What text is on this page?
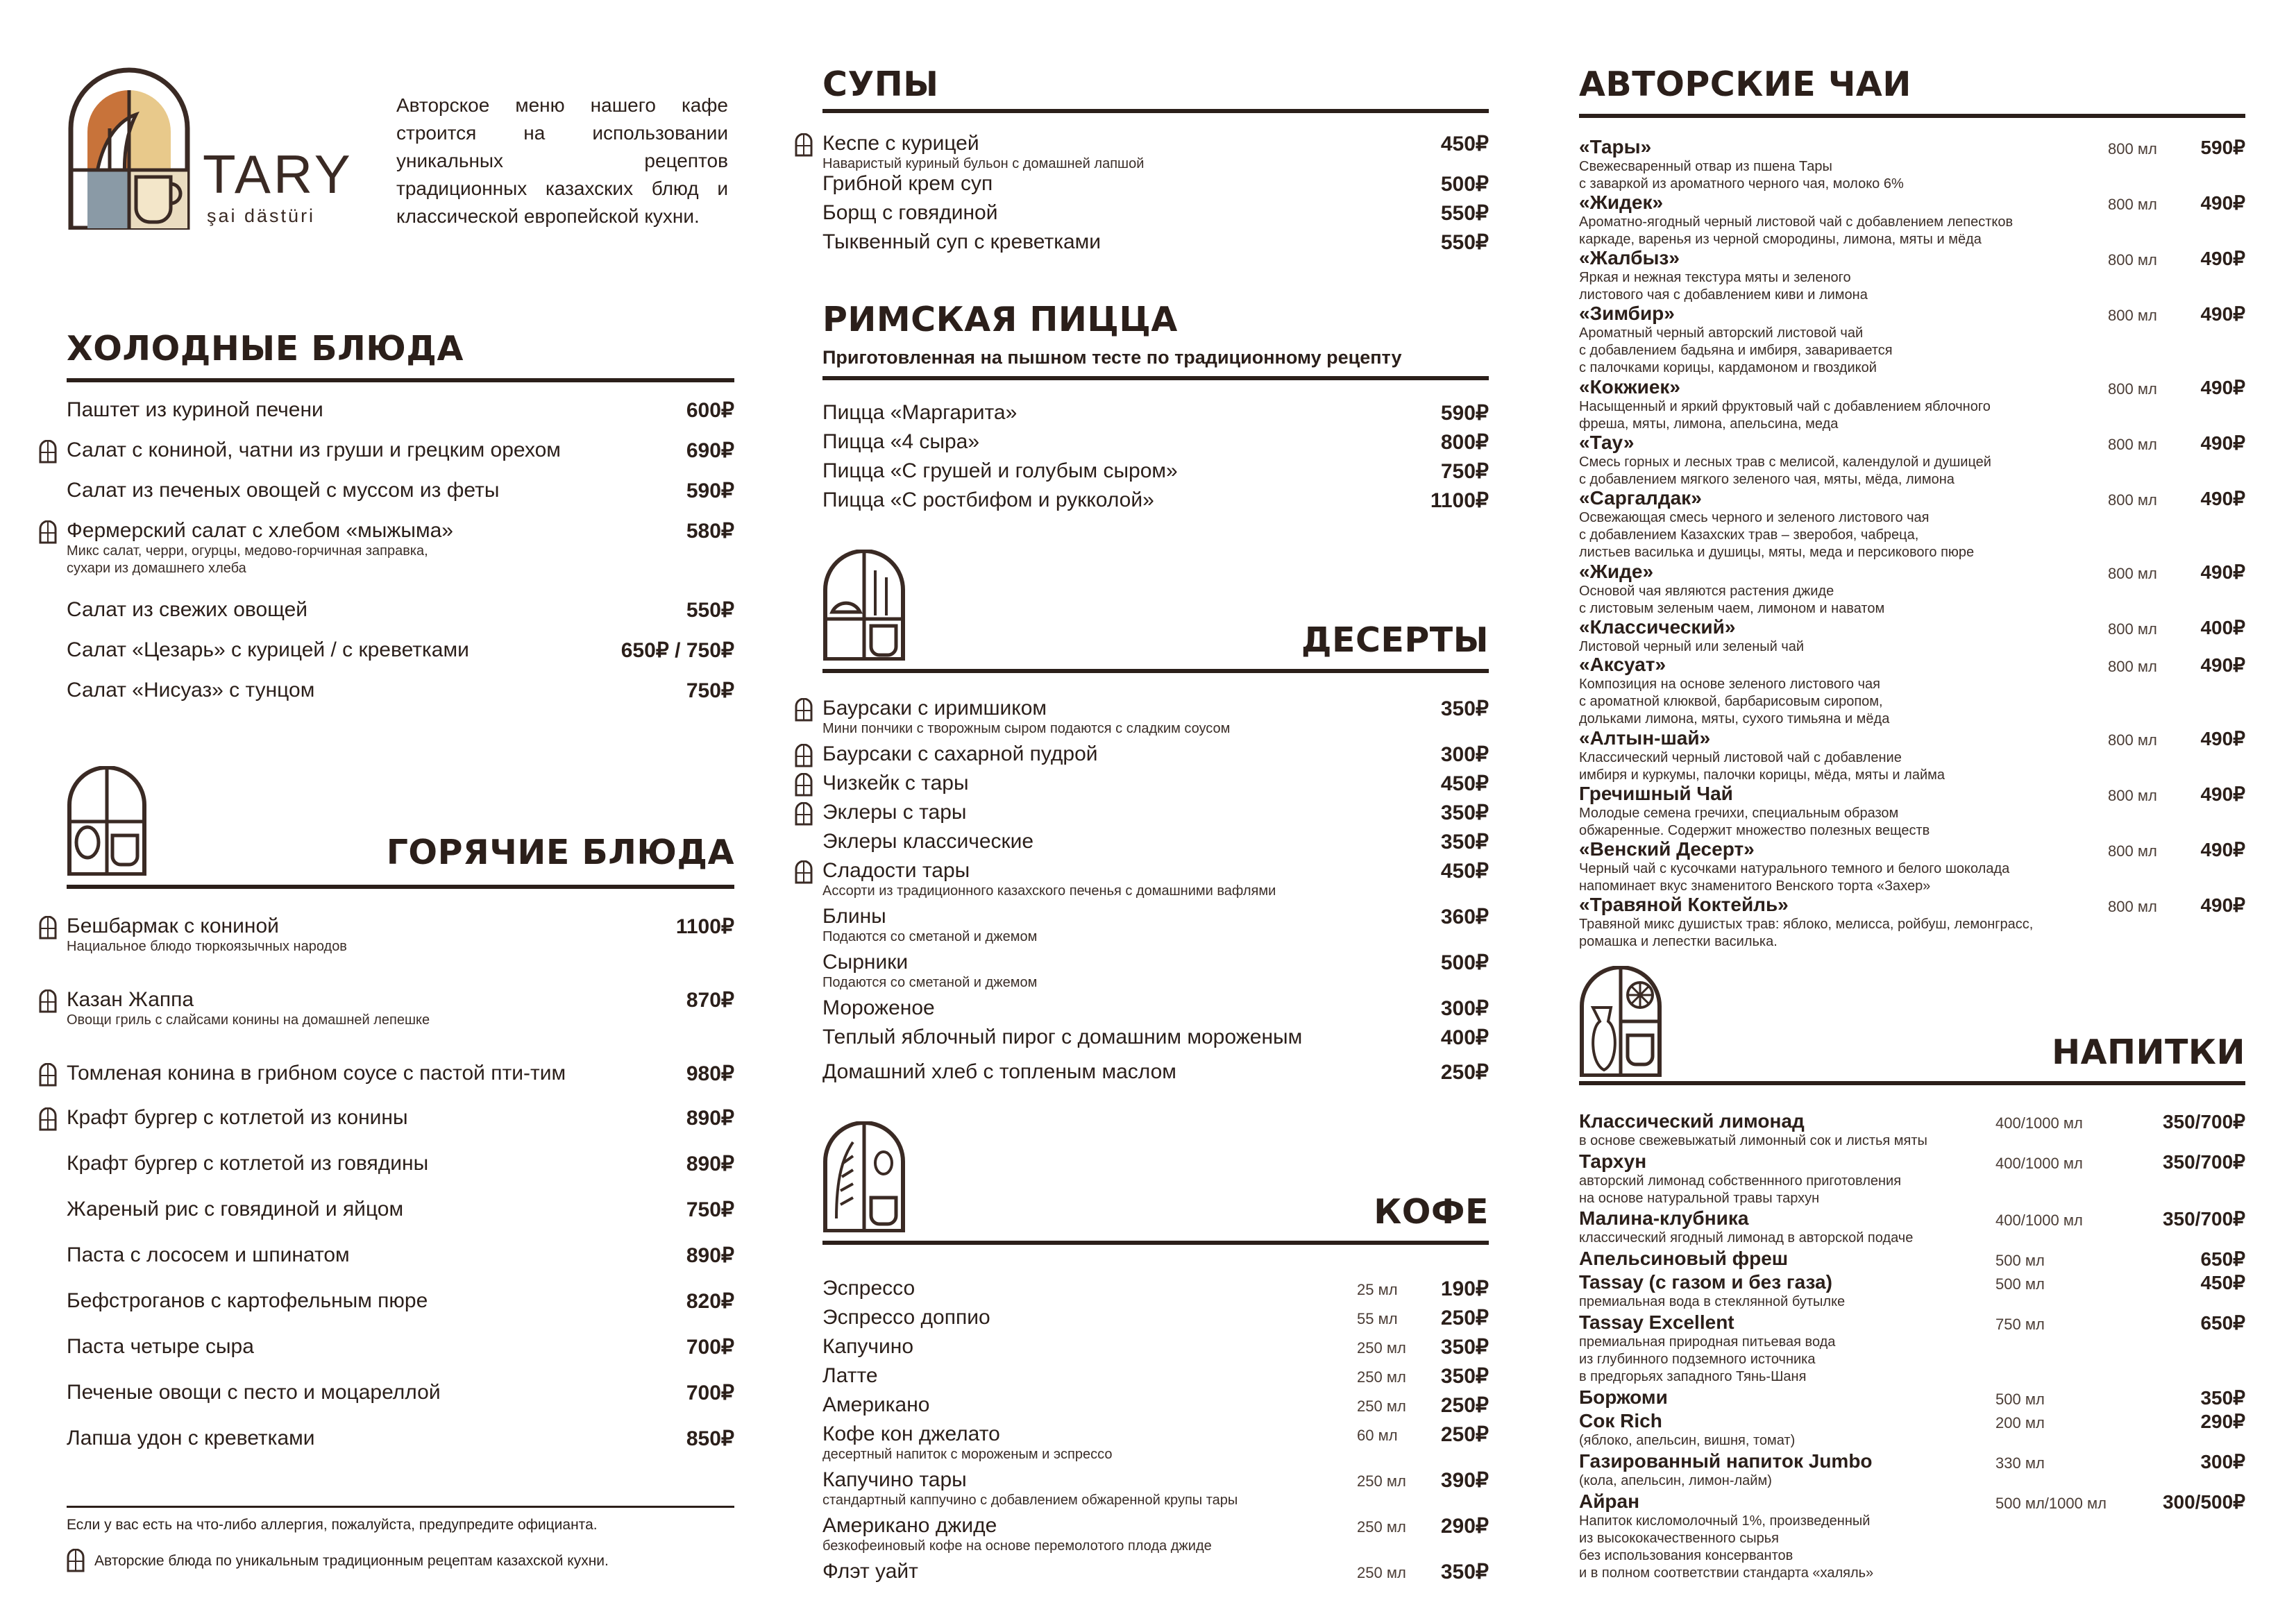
TARY
şai dästüri
Авторское меню нашего кафе строится на использовании уникальных рецептов традиционных казахских блюд и классической европейской кухни.
ХОЛОДНЫЕ БЛЮДА
Паштет из куриной печени	600₽
Салат с кониной, чатни из груши и грецким орехом	690₽
Салат из печеных овощей с муссом из феты	590₽
Фермерский салат с хлебом «мыжыма»	580₽
Микс салат, черри, огурцы, медово-горчичная заправка,
сухари из домашнего хлеба
Салат из свежих овощей	550₽
Салат «Цезарь» с курицей / с креветками	650₽ / 750₽
Салат «Нисуаз» с тунцом	750₽
ГОРЯЧИЕ БЛЮДА
Бешбармак с кониной	1100₽
Нациальное блюдо тюркоязычных народов
Казан Жаппа	870₽
Овощи гриль с слайсами конины на домашней лепешке
Томленая конина в грибном соусе с пастой пти-тим	980₽
Крафт бургер с котлетой из конины	890₽
Крафт бургер с котлетой из говядины	890₽
Жареный рис с говядиной и яйцом	750₽
Паста с лососем и шпинатом	890₽
Бефстроганов с картофельным пюре	820₽
Паста четыре сыра	700₽
Печеные овощи с песто и моцареллой	700₽
Лапша удон с креветками	850₽
Если у вас есть на что-либо аллергия, пожалуйста, предупредите официанта.
Авторские блюда по уникальным традиционным рецептам казахской кухни.
СУПЫ
Кеспе с курицей	450₽
Наваристый куриный бульон с домашней лапшой
Грибной крем суп	500₽
Борщ с говядиной	550₽
Тыквенный суп с креветками	550₽
РИМСКАЯ ПИЦЦА
Приготовленная на пышном тесте по традиционному рецепту
Пицца «Маргарита»	590₽
Пицца «4 сыра»	800₽
Пицца «С грушей и голубым сыром»	750₽
Пицца «С ростбифом и рукколой»	1100₽
ДЕСЕРТЫ
Баурсаки с иримшиком	350₽
Мини пончики с творожным сыром подаются с сладким соусом
Баурсаки с сахарной пудрой	300₽
Чизкейк с тары	450₽
Эклеры с тары	350₽
Эклеры классические	350₽
Сладости тары	450₽
Ассорти из традиционного казахского печенья с домашними вафлями
Блины	360₽
Подаются со сметаной и джемом
Сырники	500₽
Подаются со сметаной и джемом
Мороженое	300₽
Теплый яблочный пирог с домашним мороженым	400₽
Домашний хлеб с топленым маслом	250₽
КОФЕ
Эспрессо	25 мл 190₽
Эспрессо доппио	55 мл 250₽
Капучино	250 мл 350₽
Латте	250 мл 350₽
Американо	250 мл 250₽
Кофе кон джелато	60 мл 250₽
десертный напиток с мороженым и эспрессо
Капучино тары	250 мл 390₽
стандартный каппучино с добавлением обжаренной крупы тары
Американо джиде	250 мл 290₽
безкофеиновый кофе на основе перемолотого плода джиде
Флэт уайт	250 мл 350₽
АВТОРСКИЕ ЧАИ
«Тары»	800 мл 590₽
Свежесваренный отвар из пшена Тары
с заваркой из ароматного черного чая, молоко 6%
«Жидек»	800 мл 490₽
Ароматно-ягодный черный листовой чай с добавлением лепестков
каркаде, варенья из черной смородины, лимона, мяты и мёда
«Жалбыз»	800 мл 490₽
Яркая и нежная текстура мяты и зеленого
листового чая с добавлением киви и лимона
«Зимбир»	800 мл 490₽
Ароматный черный авторский листовой чай
с добавлением бадьяна и имбиря, заваривается
с палочками корицы, кардамоном и гвоздикой
«Кокжиек»	800 мл 490₽
Насыщенный и яркий фруктовый чай с добавлением яблочного
фреша, мяты, лимона, апельсина, меда
«Тау»	800 мл 490₽
Смесь горных и лесных трав с мелисой, календулой и душицей
с добавлением мягкого зеленого чая, мяты, мёда, лимона
«Саргалдак»	800 мл 490₽
Освежающая смесь черного и зеленого листового чая
с добавлением Казахских трав – зверобоя, чабреца,
листьев василька и душицы, мяты, меда и персикового пюре
«Жиде»	800 мл 490₽
Основой чая являются растения джиде
с листовым зеленым чаем, лимоном и наватом
«Классический»	800 мл 400₽
Листовой черный или зеленый чай
«Аксуат»	800 мл 490₽
Композиция на основе зеленого листового чая
с ароматной клюквой, барбарисовым сиропом,
дольками лимона, мяты, сухого тимьяна и мёда
«Алтын-шай»	800 мл 490₽
Классический черный листовой чай с добавление
имбиря и куркумы, палочки корицы, мёда, мяты и лайма
Гречишный Чай	800 мл 490₽
Молодые семена гречихи, специальным образом
обжаренные. Содержит множество полезных веществ
«Венский Десерт»	800 мл 490₽
Черный чай с кусочками натурального темного и белого шоколада
напоминает вкус знаменитого Венского торта «Захер»
«Травяной Коктейль»	800 мл 490₽
Травяной микс душистых трав: яблоко, мелисса, ройбуш, лемонграсс,
ромашка и лепестки василька.
НАПИТКИ
Классический лимонад	400/1000 мл	350/700₽
в основе свежевыжатый лимонный сок и листья мяты
Тархун	400/1000 мл	350/700₽
авторский лимонад собственнного приготовления
на основе натуральной травы тархун
Малина-клубника	400/1000 мл	350/700₽
классический ягодный лимонад в авторской подаче
Апельсиновый фреш	500 мл	650₽
Tassay (с газом и без газа)	500 мл	450₽
премиальная вода в стеклянной бутылке
Tassay Excellent	750 мл	650₽
премиальная природная питьевая вода
из глубинного подземного источника
в предгорьях западного Тянь-Шаня
Боржоми	500 мл	350₽
Сок Rich	200 мл	290₽
(яблоко, апельсин, вишня, томат)
Газированный напиток Jumbo	330 мл	300₽
(кола, апельсин, лимон-лайм)
Айран	500 мл/1000 мл	300/500₽
Напиток кисломолочный 1%, произведенный
из высококачественного сырья
без использования консервантов
и в полном соответствии стандарта «халяль»
